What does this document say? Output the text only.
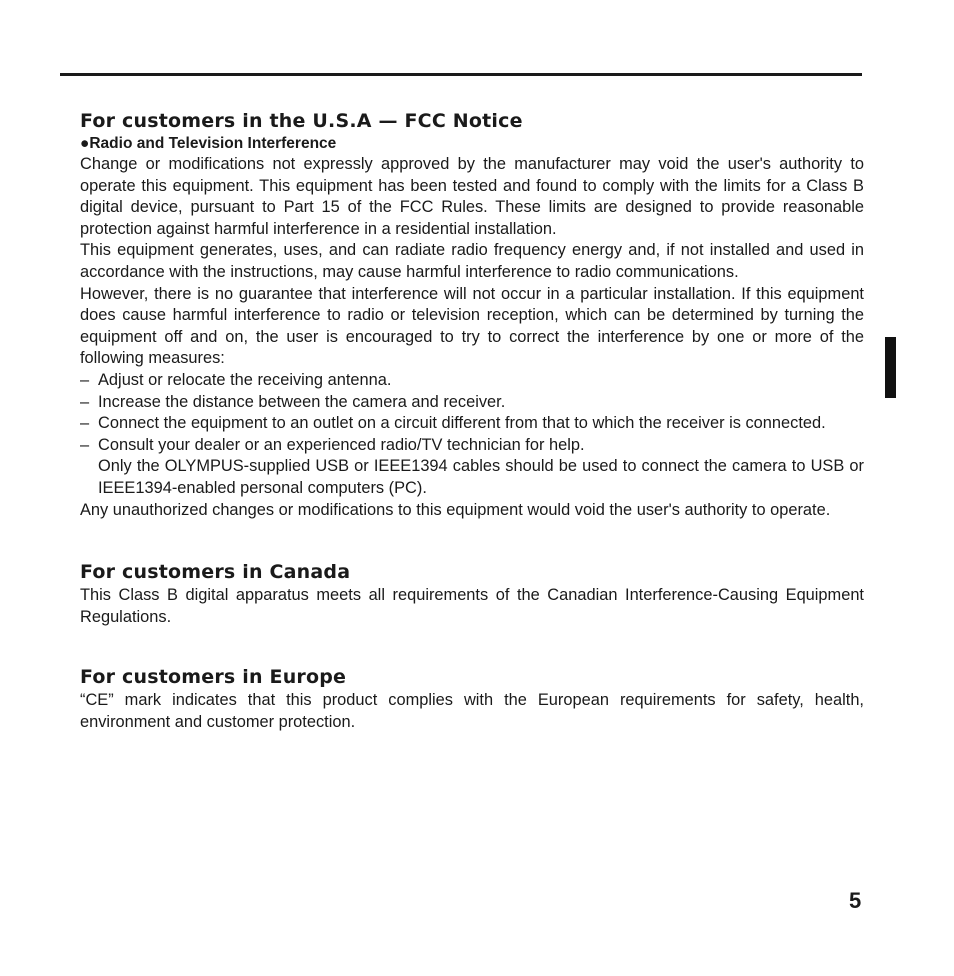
For customers in the U.S.A — FCC Notice
●Radio and Television Interference

Change or modifications not expressly approved by the manufacturer may void the user's authority to operate this equipment. This equipment has been tested and found to comply with the limits for a Class B digital device, pursuant to Part 15 of the FCC Rules. These limits are designed to provide reasonable protection against harmful interference in a residential installation.

This equipment generates, uses, and can radiate radio frequency energy and, if not installed and used in accordance with the instructions, may cause harmful interference to radio communications.

However, there is no guarantee that interference will not occur in a particular installation. If this equipment does cause harmful interference to radio or television reception, which can be determined by turning the equipment off and on, the user is encouraged to try to correct the interference by one or more of the following measures:

– Adjust or relocate the receiving antenna.
– Increase the distance between the camera and receiver.
– Connect the equipment to an outlet on a circuit different from that to which the receiver is connected.
– Consult your dealer or an experienced radio/TV technician for help.

Only the OLYMPUS-supplied USB or IEEE1394 cables should be used to connect the camera to USB or IEEE1394-enabled personal computers (PC).

Any unauthorized changes or modifications to this equipment would void the user's authority to operate.

For customers in Canada

This Class B digital apparatus meets all requirements of the Canadian Interference-Causing Equipment Regulations.

For customers in Europe

“CE” mark indicates that this product complies with the European requirements for safety, health, environment and customer protection.

5
